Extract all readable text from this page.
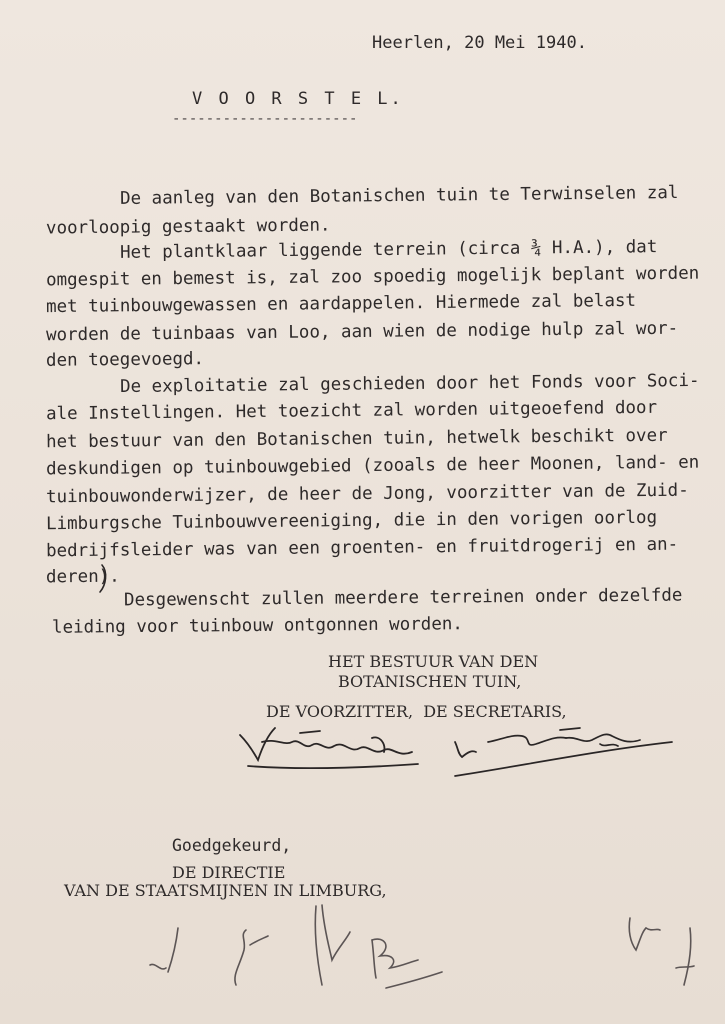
Heerlen, 20 Mei 1940.
V O O R S T E L.
----------------------
De aanleg van den Botanischen tuin te Terwinselen zal
voorloopig gestaakt worden.
Het plantklaar liggende terrein (circa ¾ H.A.), dat
omgespit en bemest is, zal zoo spoedig mogelijk beplant worden
met tuinbouwgewassen en aardappelen. Hiermede zal belast
worden de tuinbaas van Loo, aan wien de nodige hulp zal wor-
den toegevoegd.
De exploitatie zal geschieden door het Fonds voor Soci-
ale Instellingen. Het toezicht zal worden uitgeoefend door
het bestuur van den Botanischen tuin, hetwelk beschikt over
deskundigen op tuinbouwgebied (zooals de heer Moonen, land- en
tuinbouwonderwijzer, de heer de Jong, voorzitter van de Zuid-
Limburgsche Tuinbouwvereeniging, die in den vorigen oorlog
bedrijfsleider was van een groenten- en fruitdrogerij en an-
deren).
Desgewenscht zullen meerdere terreinen onder dezelfde
leiding voor tuinbouw ontgonnen worden.
HET BESTUUR VAN DEN
BOTANISCHEN TUIN,
DE VOORZITTER,  DE SECRETARIS,
Goedgekeurd,
DE DIRECTIE
VAN DE STAATSMIJNEN IN LIMBURG,
